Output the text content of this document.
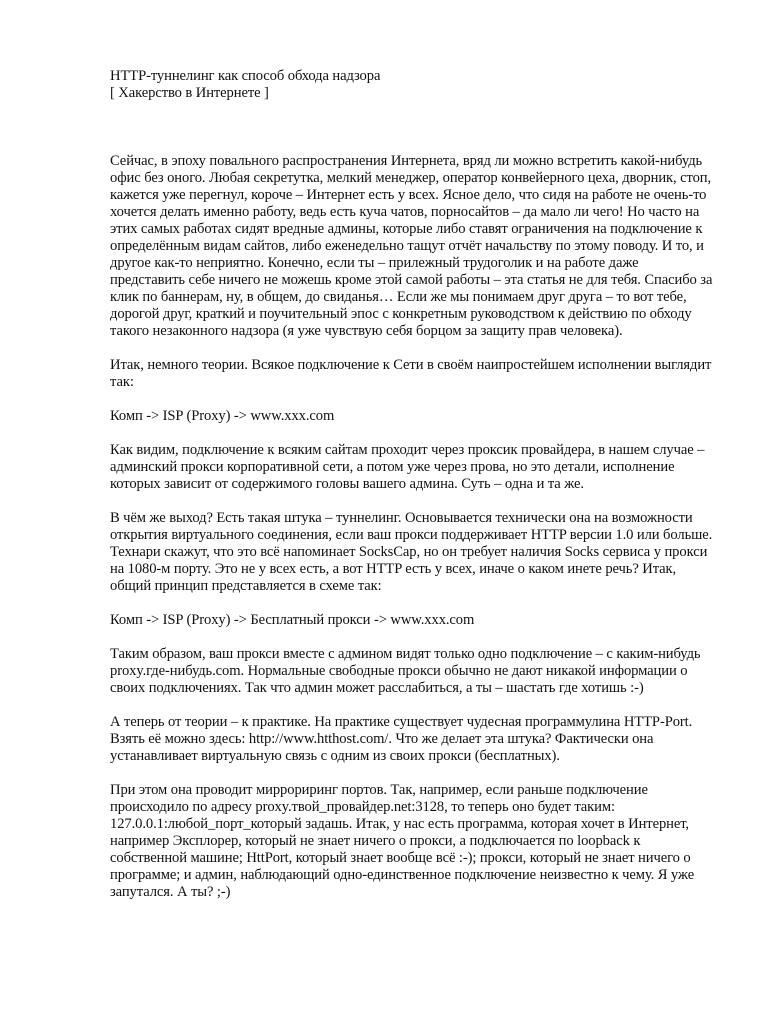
HTTP-туннелинг как способ обхода надзора

[ Хакерство в Интернете ]

Сейчас, в эпоху повального распространения Интернета, вряд ли можно встретить какой-нибудь офис без оного. Любая секретутка, мелкий менеджер, оператор конвейерного цеха, дворник, стоп, кажется уже перегнул, короче – Интернет есть у всех. Ясное дело, что сидя на работе не очень-то хочется делать именно работу, ведь есть куча чатов, порносайтов – да мало ли чего! Но часто на этих самых работах сидят вредные админы, которые либо ставят ограничения на подключение к определённым видам сайтов, либо еженедельно тащут отчёт начальству по этому поводу. И то, и другое как-то неприятно. Конечно, если ты – прилежный трудоголик и на работе даже представить себе ничего не можешь кроме этой самой работы – эта статья не для тебя. Спасибо за клик по баннерам, ну, в общем, до свиданья… Если же мы понимаем друг друга – то вот тебе, дорогой друг, краткий и поучительный эпос с конкретным руководством к действию по обходу такого незаконного надзора (я уже чувствую себя борцом за защиту прав человека).

Итак, немного теории. Всякое подключение к Сети в своём наипростейшем исполнении выглядит так:

Комп -> ISP (Proxy) -> www.xxx.com

Как видим, подключение к всяким сайтам проходит через проксик провайдера, в нашем случае – админский прокси корпоративной сети, а потом уже через прова, но это детали, исполнение которых зависит от содержимого головы вашего админа. Суть – одна и та же.

В чём же выход? Есть такая штука – туннелинг. Основывается технически она на возможности открытия виртуального соединения, если ваш прокси поддерживает HTTP версии 1.0 или больше. Технари скажут, что это всё напоминает SocksCap, но он требует наличия Socks сервиса у прокси на 1080-м порту. Это не у всех есть, а вот HTTP есть у всех, иначе о каком инете речь? Итак, общий принцип представляется в схеме так:

Комп -> ISP (Proxy) -> Бесплатный прокси -> www.xxx.com

Таким образом, ваш прокси вместе с админом видят только одно подключение – с каким-нибудь proxy.где-нибудь.com. Нормальные свободные прокси обычно не дают никакой информации о своих подключениях. Так что админ может расслабиться, а ты – шастать где хотишь :-)

А теперь от теории – к практике. На практике существует чудесная программулина HTTP-Port. Взять её можно здесь: http://www.htthost.com/. Что же делает эта штука? Фактически она устанавливает виртуальную связь с одним из своих прокси (бесплатных).

При этом она проводит миррориринг портов. Так, например, если раньше подключение происходило по адресу proxy.твой_провайдер.net:3128, то теперь оно будет таким: 127.0.0.1:любой_порт_который задашь. Итак, у нас есть программа, которая хочет в Интернет, например Эксплорер, который не знает ничего о прокси, а подключается по loopback к собственной машине; HttPort, который знает вообще всё :-); прокси, который не знает ничего о программе; и админ, наблюдающий одно-единственное подключение неизвестно к чему. Я уже запутался. А ты? ;-)
